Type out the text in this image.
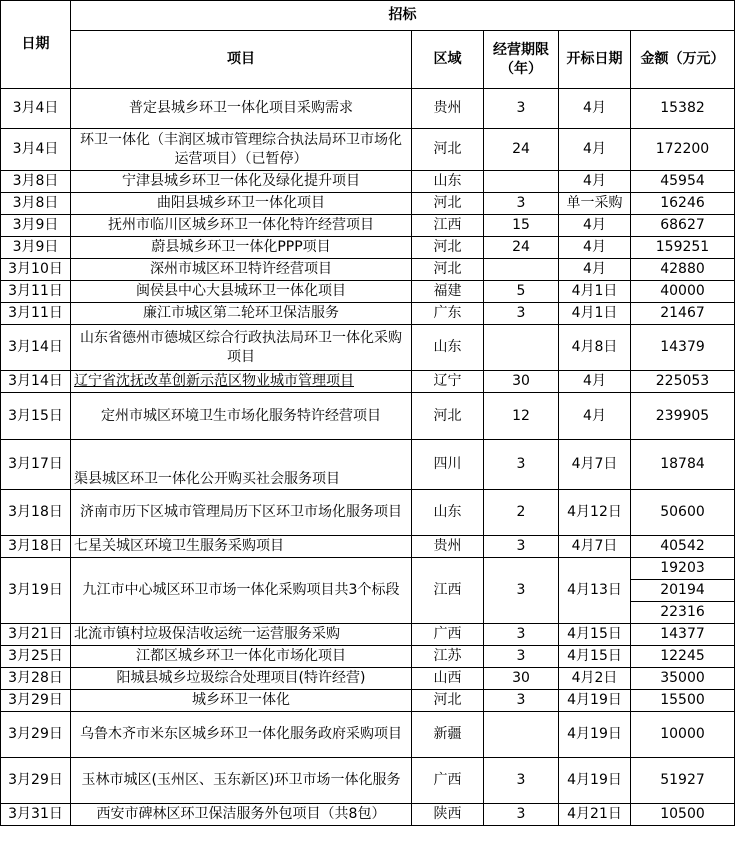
日期	招标				
	项目	区域	经营期限（年）	开标日期	金额（万元）
3月4日	普定县城乡环卫一体化项目采购需求	贵州	3	4月	15382
3月4日	环卫一体化（丰润区城市管理综合执法局环卫市场化运营项目）（已暂停）	河北	24	4月	172200
3月8日	宁津县城乡环卫一体化及绿化提升项目	山东		4月	45954
3月8日	曲阳县城乡环卫一体化项目	河北	3	单一采购	16246
3月9日	抚州市临川区城乡环卫一体化特许经营项目	江西	15	4月	68627
3月9日	蔚县城乡环卫一体化PPP项目	河北	24	4月	159251
3月10日	深州市城区环卫特许经营项目	河北		4月	42880
3月11日	闽侯县中心大县城环卫一体化项目	福建	5	4月1日	40000
3月11日	廉江市城区第二轮环卫保洁服务	广东	3	4月1日	21467
3月14日	山东省德州市德城区综合行政执法局环卫一体化采购项目	山东		4月8日	14379
3月14日	辽宁省沈抚改革创新示范区物业城市管理项目	辽宁	30	4月	225053
3月15日	定州市城区环境卫生市场化服务特许经营项目	河北	12	4月	239905
3月17日	渠县城区环卫一体化公开购买社会服务项目	四川	3	4月7日	18784
3月18日	济南市历下区城市管理局历下区环卫市场化服务项目	山东	2	4月12日	50600
3月18日	七星关城区环境卫生服务采购项目	贵州	3	4月7日	40542
3月19日	九江市中心城区环卫市场一体化采购项目共3个标段	江西	3	4月13日	19203
					20194
					22316
3月21日	北流市镇村垃圾保洁收运统一运营服务采购	广西	3	4月15日	14377
3月25日	江都区城乡环卫一体化市场化项目	江苏	3	4月15日	12245
3月28日	阳城县城乡垃圾综合处理项目(特许经营)	山西	30	4月2日	35000
3月29日	城乡环卫一体化	河北	3	4月19日	15500
3月29日	乌鲁木齐市米东区城乡环卫一体化服务政府采购项目	新疆		4月19日	10000
3月29日	玉林市城区(玉州区、玉东新区)环卫市场一体化服务	广西	3	4月19日	51927
3月31日	西安市碑林区环卫保洁服务外包项目（共8包）	陕西	3	4月21日	10500
